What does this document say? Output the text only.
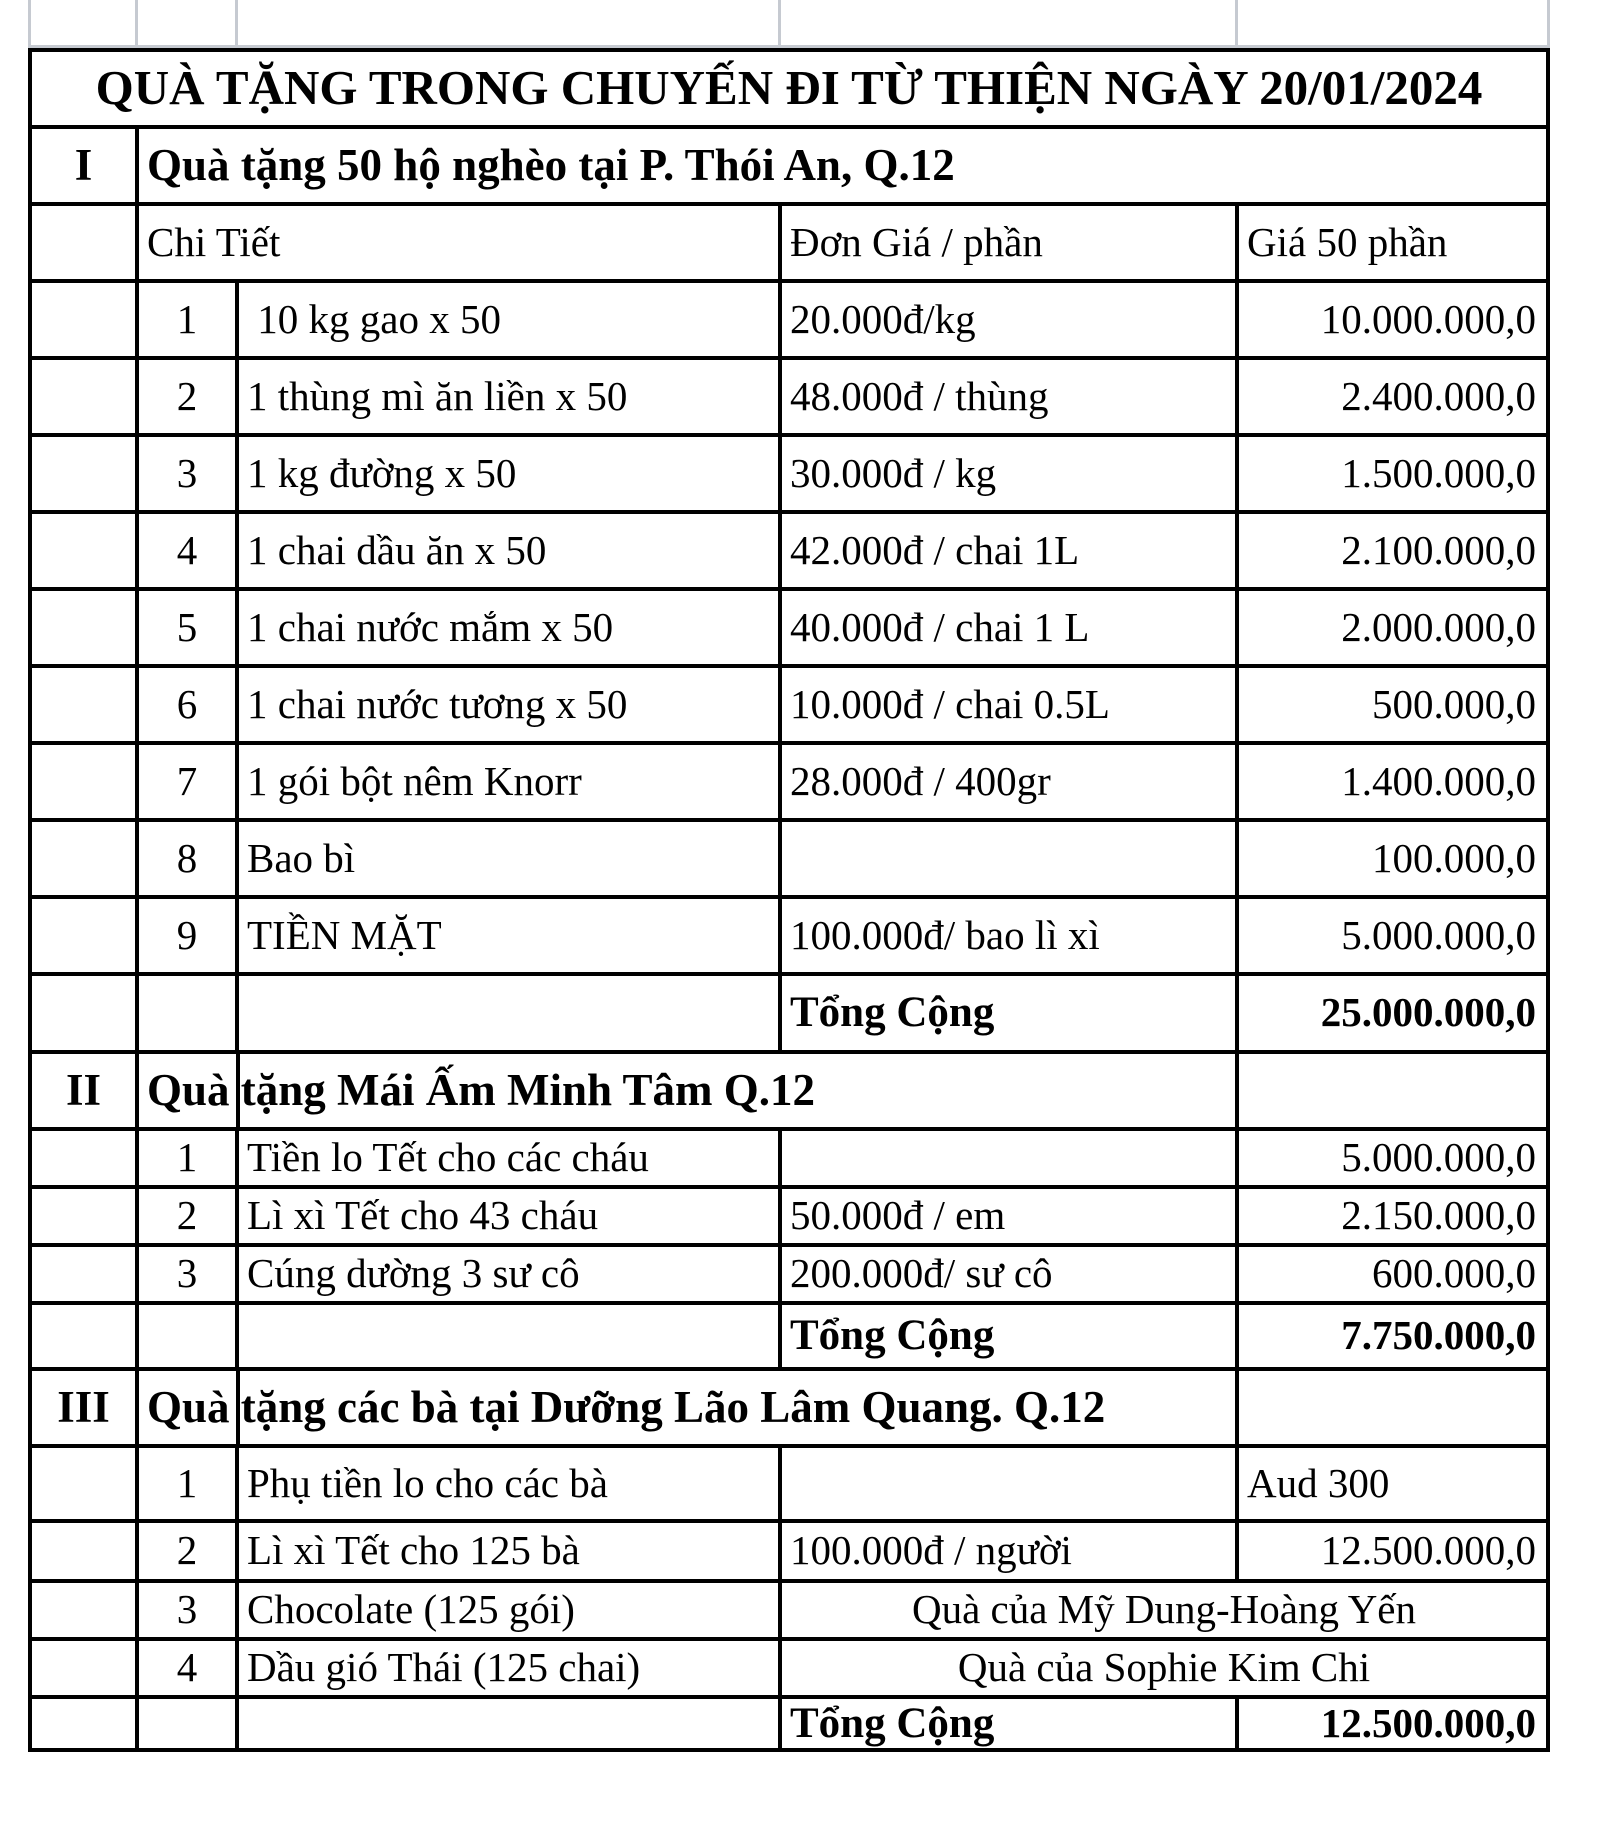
QUÀ TẶNG TRONG CHUYẾN ĐI TỪ THIỆN NGÀY 20/01/2024				
I	Quà tặng 50 hộ nghèo tại P. Thói An, Q.12			
	Chi Tiết		Đơn Giá / phần	Giá 50 phần
	1	10 kg gao x 50	20.000đ/kg	10.000.000,0
	2	1 thùng mì ăn liền x 50	48.000đ / thùng	2.400.000,0
	3	1 kg đường x 50	30.000đ / kg	1.500.000,0
	4	1 chai dầu ăn x 50	42.000đ / chai 1L	2.100.000,0
	5	1 chai nước mắm x 50	40.000đ / chai 1 L	2.000.000,0
	6	1 chai nước tương x 50	10.000đ / chai 0.5L	500.000,0
	7	1 gói bột nêm Knorr	28.000đ / 400gr	1.400.000,0
	8	Bao bì		100.000,0
	9	TIỀN MẶT	100.000đ/ bao lì xì	5.000.000,0
			Tổng Cộng	25.000.000,0
II	Quà tặng Mái Ấm Minh Tâm Q.12			
	1	Tiền lo Tết cho các cháu		5.000.000,0
	2	Lì xì Tết cho 43 cháu	50.000đ / em	2.150.000,0
	3	Cúng dường 3 sư cô	200.000đ/ sư cô	600.000,0
			Tổng Cộng	7.750.000,0
III	Quà tặng các bà tại Dưỡng Lão Lâm Quang. Q.12			
	1	Phụ tiền lo cho các bà		Aud 300
	2	Lì xì Tết cho 125 bà	100.000đ / người	12.500.000,0
	3	Chocolate (125 gói)	Quà của Mỹ Dung-Hoàng Yến	
	4	Dầu gió Thái (125 chai)	Quà của Sophie Kim Chi	
			Tổng Cộng	12.500.000,0
